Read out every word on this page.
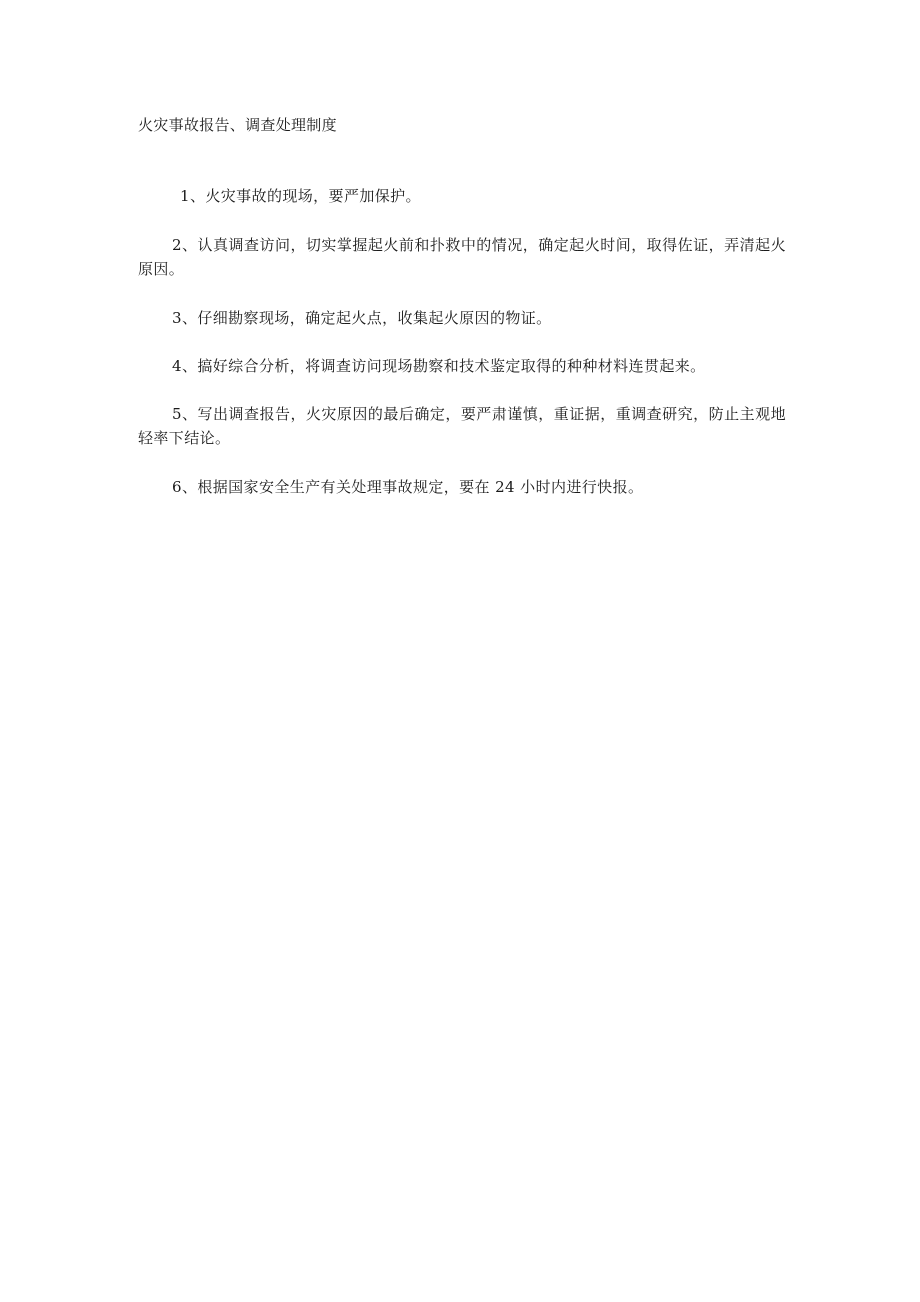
火灾事故报告、调查处理制度

1、火灾事故的现场，要严加保护。

2、认真调查访问，切实掌握起火前和扑救中的情况，确定起火时间，取得佐证，弄清起火原因。

3、仔细勘察现场，确定起火点，收集起火原因的物证。

4、搞好综合分析，将调查访问现场勘察和技术鉴定取得的种种材料连贯起来。

5、写出调查报告，火灾原因的最后确定，要严肃谨慎，重证据，重调查研究，防止主观地轻率下结论。

6、根据国家安全生产有关处理事故规定，要在 24 小时内进行快报。
